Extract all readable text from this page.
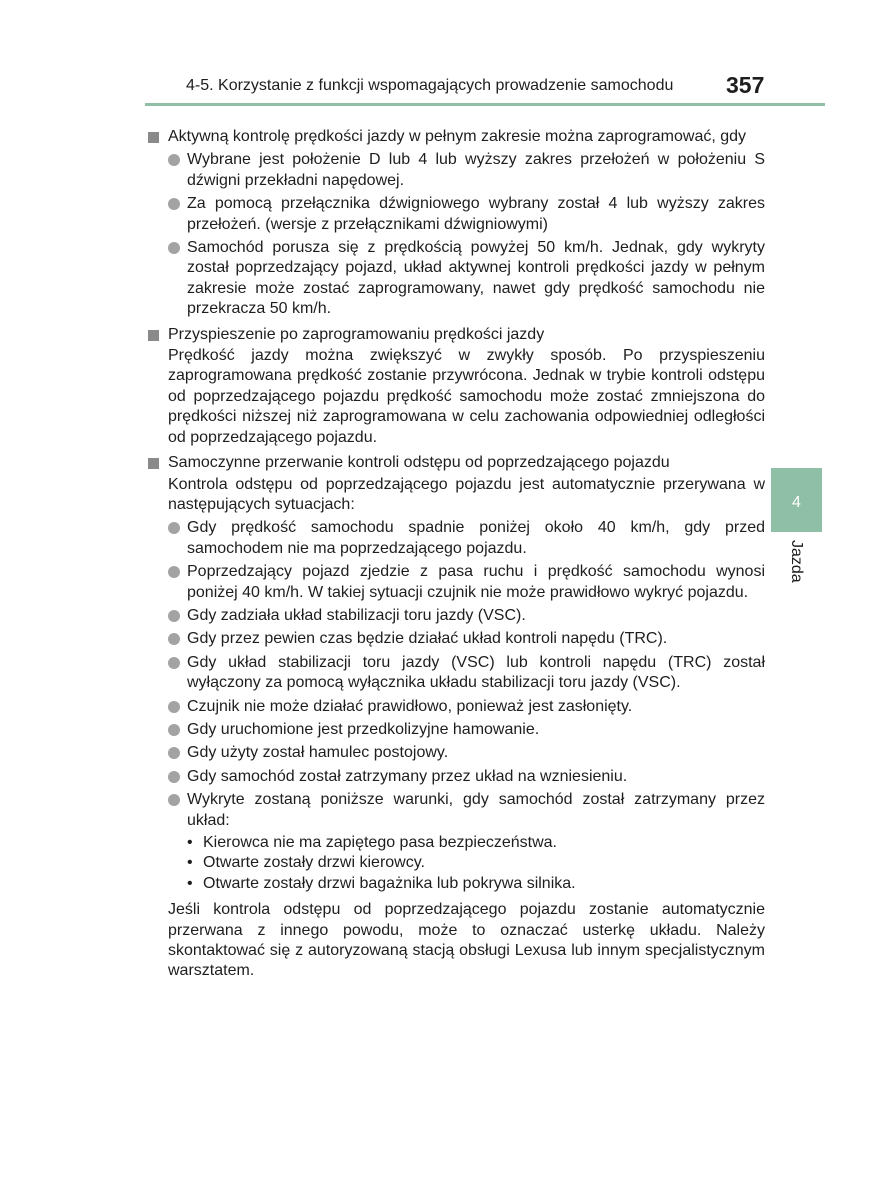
4-5. Korzystanie z funkcji wspomagających prowadzenie samochodu	357
Aktywną kontrolę prędkości jazdy w pełnym zakresie można zaprogramować, gdy
Wybrane jest położenie D lub 4 lub wyższy zakres przełożeń w położeniu S dźwigni przekładni napędowej.
Za pomocą przełącznika dźwigniowego wybrany został 4 lub wyższy zakres przełożeń. (wersje z przełącznikami dźwigniowymi)
Samochód porusza się z prędkością powyżej 50 km/h. Jednak, gdy wykryty został poprzedzający pojazd, układ aktywnej kontroli prędkości jazdy w pełnym zakresie może zostać zaprogramowany, nawet gdy prędkość samochodu nie przekracza 50 km/h.
Przyspieszenie po zaprogramowaniu prędkości jazdy
Prędkość jazdy można zwiększyć w zwykły sposób. Po przyspieszeniu zaprogramowana prędkość zostanie przywrócona. Jednak w trybie kontroli odstępu od poprzedzającego pojazdu prędkość samochodu może zostać zmniejszona do prędkości niższej niż zaprogramowana w celu zachowania odpowiedniej odległości od poprzedzającego pojazdu.
Samoczynne przerwanie kontroli odstępu od poprzedzającego pojazdu
Kontrola odstępu od poprzedzającego pojazdu jest automatycznie przerywana w następujących sytuacjach:
Gdy prędkość samochodu spadnie poniżej około 40 km/h, gdy przed samochodem nie ma poprzedzającego pojazdu.
Poprzedzający pojazd zjedzie z pasa ruchu i prędkość samochodu wynosi poniżej 40 km/h. W takiej sytuacji czujnik nie może prawidłowo wykryć pojazdu.
Gdy zadziała układ stabilizacji toru jazdy (VSC).
Gdy przez pewien czas będzie działać układ kontroli napędu (TRC).
Gdy układ stabilizacji toru jazdy (VSC) lub kontroli napędu (TRC) został wyłączony za pomocą wyłącznika układu stabilizacji toru jazdy (VSC).
Czujnik nie może działać prawidłowo, ponieważ jest zasłonięty.
Gdy uruchomione jest przedkolizyjne hamowanie.
Gdy użyty został hamulec postojowy.
Gdy samochód został zatrzymany przez układ na wzniesieniu.
Wykryte zostaną poniższe warunki, gdy samochód został zatrzymany przez układ:
• Kierowca nie ma zapiętego pasa bezpieczeństwa.
• Otwarte zostały drzwi kierowcy.
• Otwarte zostały drzwi bagażnika lub pokrywa silnika.
Jeśli kontrola odstępu od poprzedzającego pojazdu zostanie automatycznie przerwana z innego powodu, może to oznaczać usterkę układu. Należy skontaktować się z autoryzowaną stacją obsługi Lexusa lub innym specjalistycznym warsztatem.
4
Jazda
